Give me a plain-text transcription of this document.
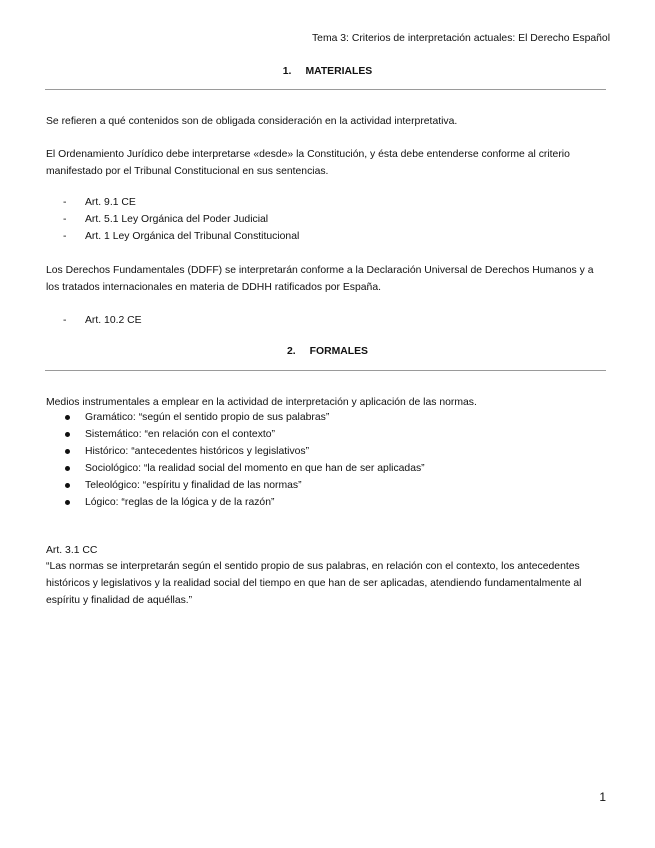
Tema 3: Criterios de interpretación actuales: El Derecho Español
1. MATERIALES
Se refieren a qué contenidos son de obligada consideración en la actividad interpretativa.
El Ordenamiento Jurídico debe interpretarse «desde» la Constitución, y ésta debe entenderse conforme al criterio
manifestado por el Tribunal Constitucional en sus sentencias.
- Art. 9.1 CE
- Art. 5.1 Ley Orgánica del Poder Judicial
- Art. 1 Ley Orgánica del Tribunal Constitucional
Los Derechos Fundamentales (DDFF) se interpretarán conforme a la Declaración Universal de Derechos Humanos y a
los tratados internacionales en materia de DDHH ratificados por España.
- Art. 10.2 CE
2. FORMALES
Medios instrumentales a emplear en la actividad de interpretación y aplicación de las normas.
Gramático: “según el sentido propio de sus palabras”
Sistemático: “en relación con el contexto”
Histórico: “antecedentes históricos y legislativos”
Sociológico: “la realidad social del momento en que han de ser aplicadas”
Teleológico: “espíritu y finalidad de las normas”
Lógico: “reglas de la lógica y de la razón”
Art. 3.1 CC
“Las normas se interpretarán según el sentido propio de sus palabras, en relación con el contexto, los antecedentes
históricos y legislativos y la realidad social del tiempo en que han de ser aplicadas, atendiendo fundamentalmente al
espíritu y finalidad de aquéllas.”
1
